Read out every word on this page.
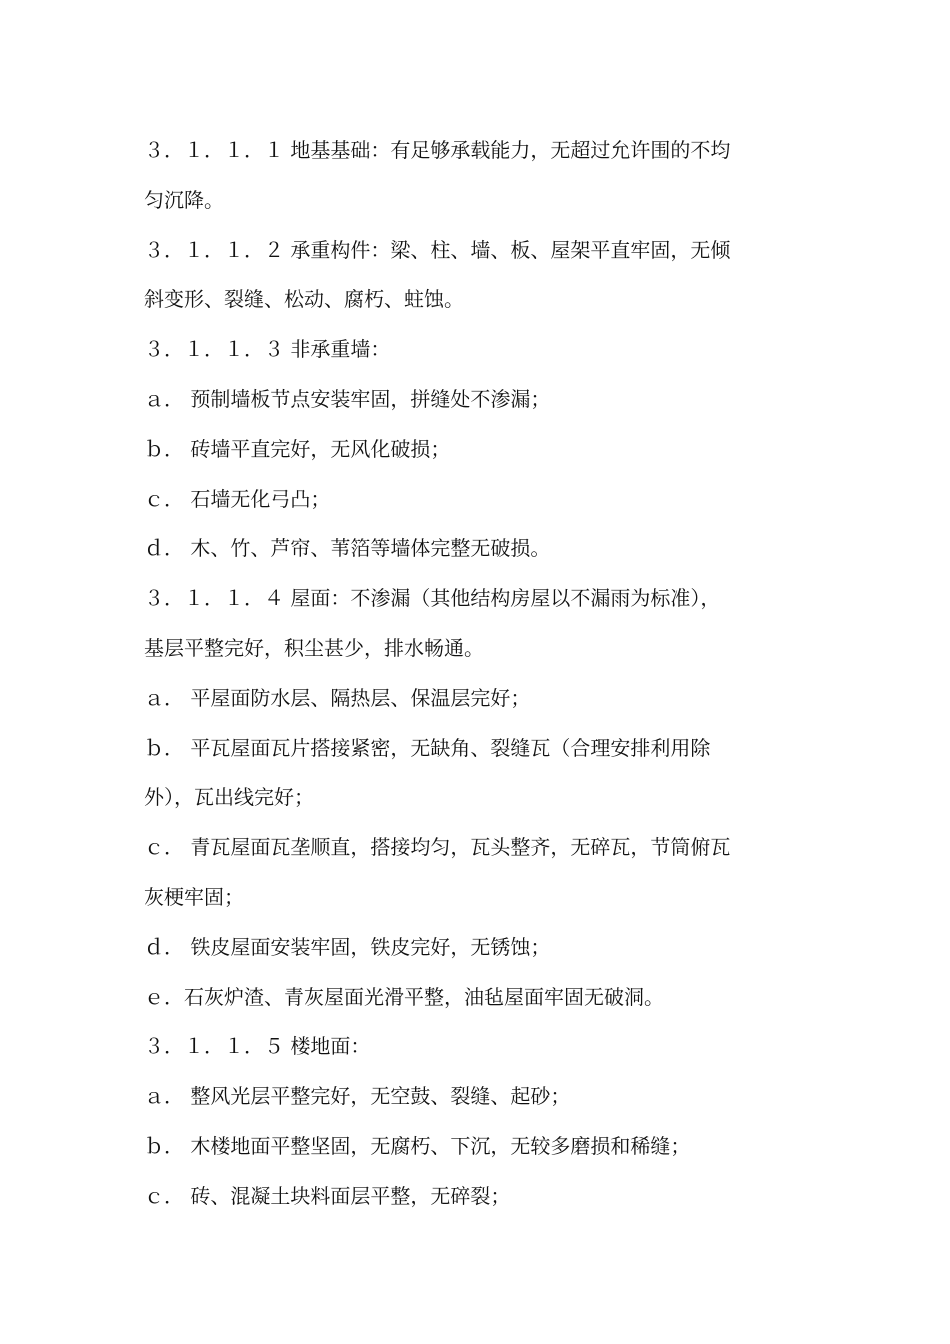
３．１．１．１ 地基基础：有足够承载能力，无超过允许围的不均
匀沉降。
３．１．１．２ 承重构件：梁、柱、墙、板、屋架平直牢固，无倾
斜变形、裂缝、松动、腐朽、蛀蚀。
３．１．１．３ 非承重墙：
ａ． 预制墙板节点安装牢固，拼缝处不渗漏；
ｂ． 砖墙平直完好，无风化破损；
ｃ． 石墙无化弓凸；
ｄ． 木、竹、芦帘、苇箔等墙体完整无破损。
３．１．１．４ 屋面：不渗漏（其他结构房屋以不漏雨为标准），
基层平整完好，积尘甚少，排水畅通。
ａ． 平屋面防水层、隔热层、保温层完好；
ｂ． 平瓦屋面瓦片搭接紧密，无缺角、裂缝瓦（合理安排利用除
外），瓦出线完好；
ｃ． 青瓦屋面瓦垄顺直，搭接均匀，瓦头整齐，无碎瓦，节筒俯瓦
灰梗牢固；
ｄ． 铁皮屋面安装牢固，铁皮完好，无锈蚀；
ｅ．石灰炉渣、青灰屋面光滑平整，油毡屋面牢固无破洞。
３．１．１．５ 楼地面：
ａ． 整风光层平整完好，无空鼓、裂缝、起砂；
ｂ． 木楼地面平整坚固，无腐朽、下沉，无较多磨损和稀缝；
ｃ． 砖、混凝土块料面层平整，无碎裂；
